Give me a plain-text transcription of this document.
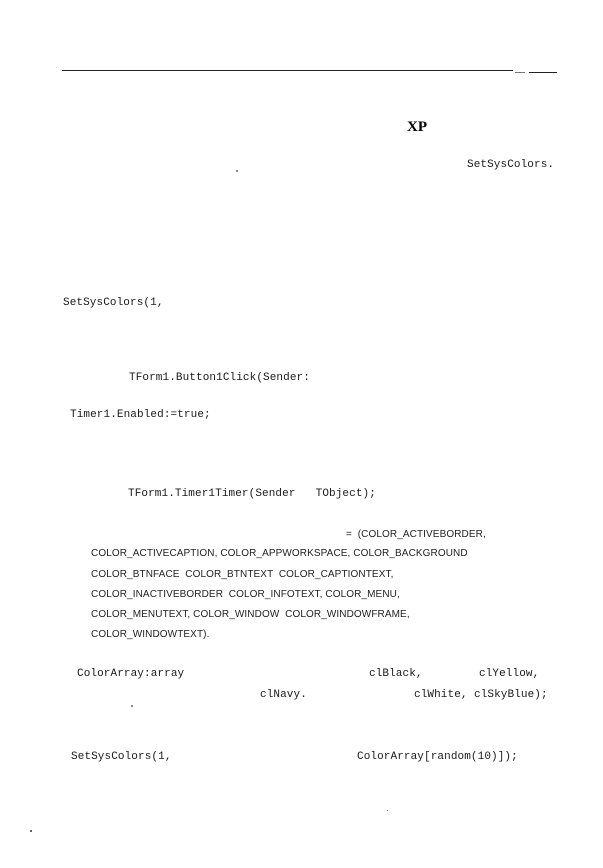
XP
SetSysColors.
SetSysColors(1,
TForm1.Button1Click(Sender:
Timer1.Enabled:=true;
TForm1.Timer1Timer(Sender   TObject);
=  (COLOR_ACTIVEBORDER,
COLOR_ACTIVECAPTION, COLOR_APPWORKSPACE, COLOR_BACKGROUND
COLOR_BTNFACE  COLOR_BTNTEXT  COLOR_CAPTIONTEXT,
COLOR_INACTIVEBORDER  COLOR_INFOTEXT, COLOR_MENU,
COLOR_MENUTEXT, COLOR_WINDOW  COLOR_WINDOWFRAME,
COLOR_WINDOWTEXT).
ColorArray:array	clBlack,	clYellow,
clNavy.	clWhite, clSkyBlue);
SetSysColors(1,	ColorArray[random(10)]);
